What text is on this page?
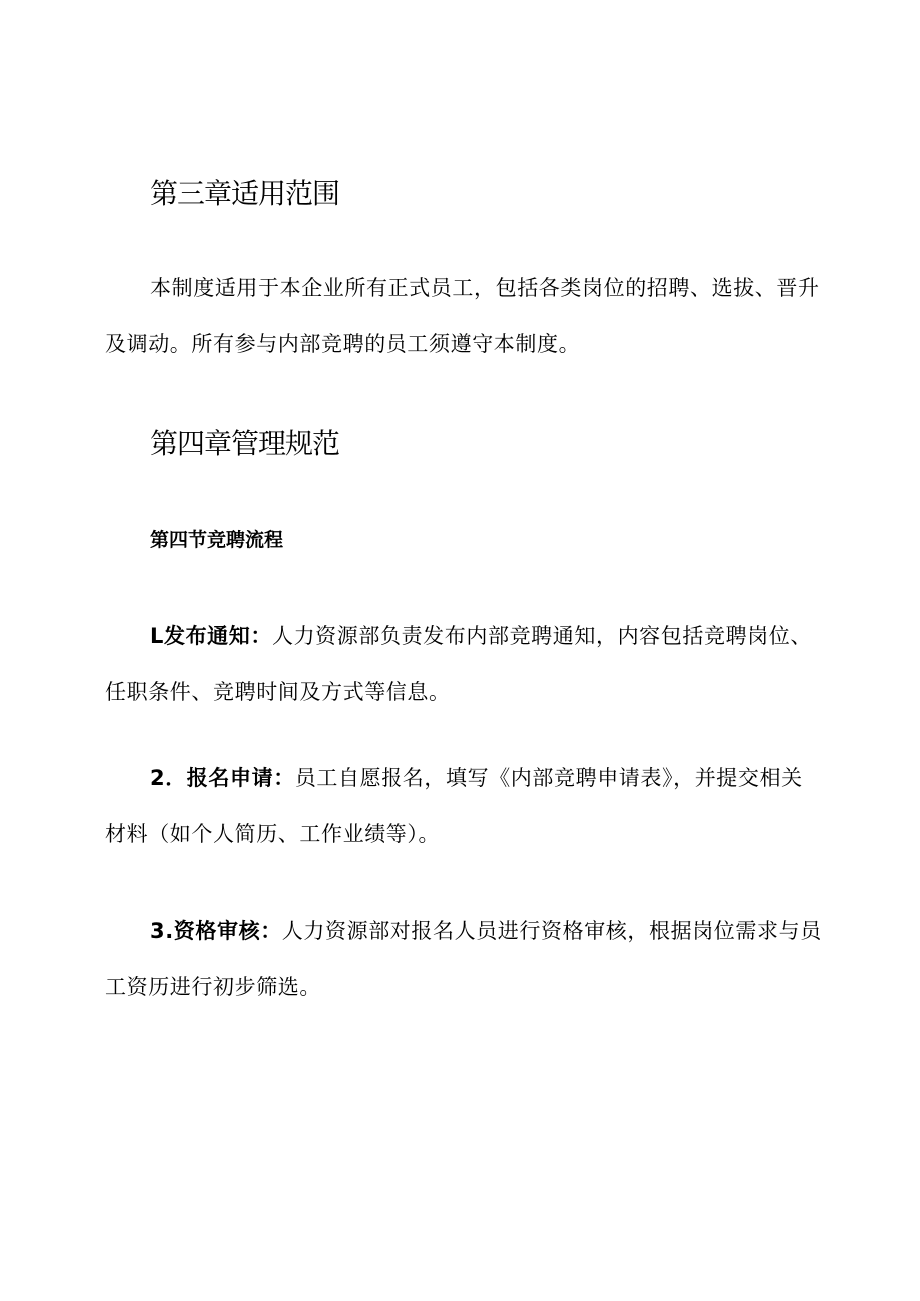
第三章适用范围

本制度适用于本企业所有正式员工，包括各类岗位的招聘、选拔、晋升及调动。所有参与内部竞聘的员工须遵守本制度。

第四章管理规范
第四节竞聘流程

L发布通知：人力资源部负责发布内部竞聘通知，内容包括竞聘岗位、任职条件、竞聘时间及方式等信息。

2．报名申请：员工自愿报名，填写《内部竞聘申请表》，并提交相关材料（如个人简历、工作业绩等）。

3.资格审核：人力资源部对报名人员进行资格审核，根据岗位需求与员工资历进行初步筛选。
